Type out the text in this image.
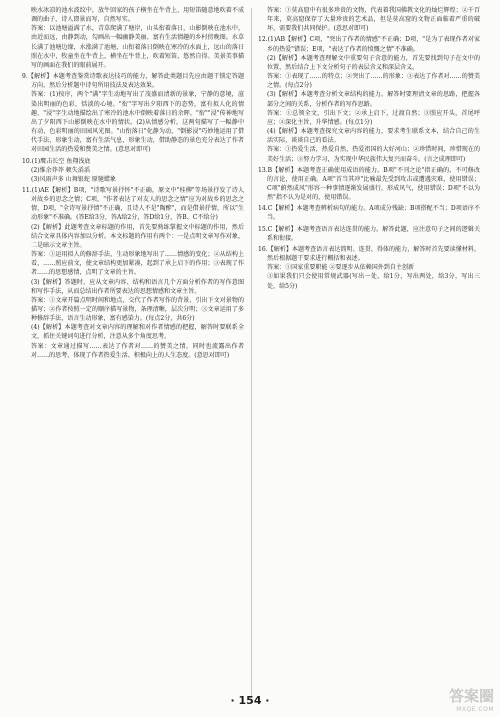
映水冰凉的池水波纹中，放牛回家的孩子横坐在牛背上，用短笛随意地吹着不成调的曲子，诗人即景而写，自然写实。

答案：以池塘溢满了水，青草爬满了塘岸，山头衔着落日，山影倒映在池水中，由近而远，由静到动，勾画出一幅幽静美丽、富有生活情趣的乡村傍晚图。水草长满了池塘边缘，水涨满了池塘，山衔着落日倒映在寒冷的水面上，远山的落日照在水中，牧童坐在牛背上，横坐在牛背上，吹着短笛，悠然自得。美景美事描写的画面在我们的眼前展开。

9.【解析】本题考查鉴赏诗歌表达技巧的能力，解答此类题目先应由题干锁定答题方向，然后分析题中诗句所用技法及表达效果。

答案：(1)按序，两个"满"字生动地写出了茂盛而清新的景象，宁静的意境，渲染出明丽的色彩，恬淡的心境。"衔"字写出夕阳西下的态势，富有拟人化的情趣，"浸"字生动地描绘出了寒冷的池水中倒映着落日的余晖，"衔""浸"传神地写出了夕阳西下山影倒映在水中的情状。(2)从情感分析，这两句描写了一幅静中有动、色彩明丽的田园风光图。"山衔落日"化静为动，"倒影浸"巧妙地运用了借代手法，形象生动，富有生活气息，形象生动，借助静态的景色充分表达了作者对田园生活的热爱和赞美之情。(意思对即可)

10.(1)鹰击长空 鱼翔浅底

(2)惟余莽莽 顿失滔滔

(3)风雨声多 山舞银蛇 原驰蜡象

11.(1)AE【解析】B项，"诗歌写景抒怀"不正确，原文中"桂柳"等场景抒发了诗人对故乡的思念之情；C项，"作者表达了对友人的思念之情"应为对故乡的思念之情，D项，"全诗写景抒情"不正确，且诗人不是"陶醉"，而是借景抒情，所以"生动形象"不准确。(答E给3分，答A给2分，答D给1分，答B、C不给分)

(2)【解析】此题考查文章标题的作用，首先要熟练掌握文中标题的作用，然后结合文章具体内容加以分析。本文标题的作用有两个：一是点明文章写作对象，二是暗示文章主旨。

答案：①运用拟人的修辞手法，生动形象地写出了……情感的变化；②从结构上看，……照应前文，使文章结构更加紧凑，起到了承上启下的作用；③表现了作者……的思想感情，点明了文章的主旨。

(3)【解析】答题时，应从文章内容、结构和语言几个方面分析作者的写作意图和写作手法，从而总结出作者所要表达的思想情感和文章主旨。

答案：①文章开篇点明时间和地点，交代了作者写作的背景，引出下文对景物的描写；②作者按照一定的顺序描写景物，条理清晰，层次分明；③文章运用了多种修辞手法，语言生动形象，富有感染力。(每点2分，共6分)

(4)【解析】本题考查对文章内容的理解和对作者情感的把握，解答时要联系全文，抓住关键词句进行分析，注意从多个角度思考。

答案：文章通过描写……表达了作者对……的赞美之情，同时也流露出作者对……的思考，体现了作者热爱生活、积极向上的人生态度。(意思对即可)

答案：①莫高窟中有很多珍贵的文物，代表着我国佛教文化的灿烂辉煌；②千百年来，莫高窟保存了大量珍贵的艺术品，但是莫高窟的文物正面临着严重的破坏，需要我们共同保护。(意思对即可)

12.(1)AB【解析】C项，"突出了作者的情感"不正确；D项，"是为了表现作者对家乡的热爱"错误；E项，"表达了作者的愤慨之情"不准确。

(2)【解析】本题考查理解文中重要句子含意的能力，首先要找到句子在文中的位置，然后结合上下文分析句子的表层含义和深层含义。

答案：①表现了……的特点；②突出了……的形象；③表达了作者对……的赞美之情。(每点2分)

(3)【解析】本题考查分析文章结构的能力。解答时要理清文章的思路，把握各部分之间的关系，分析作者的写作思路。

答案：①总领全文，引出下文；②承上启下，过渡自然；③照应开头，首尾呼应；④深化主旨，升华情感。(每点1分)

(4)【解析】本题考查探究文章内容的能力，要求考生联系文本，结合自己的生活实际，谈谈自己的看法。

答案：①热爱生活，热爱自然，热爱祖国的大好河山；②珍惜时间，珍惜现在的美好生活；③努力学习，为实现中华民族伟大复兴而奋斗。(言之成理即可)

13.B【解析】本题考查正确使用成语的能力。B项"不刊之论"指正确的、不可修改的言论，使用正确。A项"首当其冲"比喻最先受到攻击或遭遇灾难，使用错误；C项"蔚然成风"形容一种事情逐渐发展盛行，形成风气，使用错误；D项"不以为然"指不认为是对的，使用错误。

14.C【解析】本题考查辨析病句的能力。A项成分残缺；B项搭配不当；D项语序不当。

15.C【解析】本题考查语言表达连贯的能力。解答此题，应注意句子之间的逻辑关系和衔接。

16.【解析】本题考查语言表达简明、连贯、得体的能力，解答时首先要读懂材料，然后根据题干要求进行概括和表述。

答案：①国家重要职能 ②要逐步从依赖国外到自主创新

③如果我们只会使用常规武器(写出一处，给1分，写出两处，给3分，写出三处，给5分)

· 154 ·	答案圈
MXQE.COM
